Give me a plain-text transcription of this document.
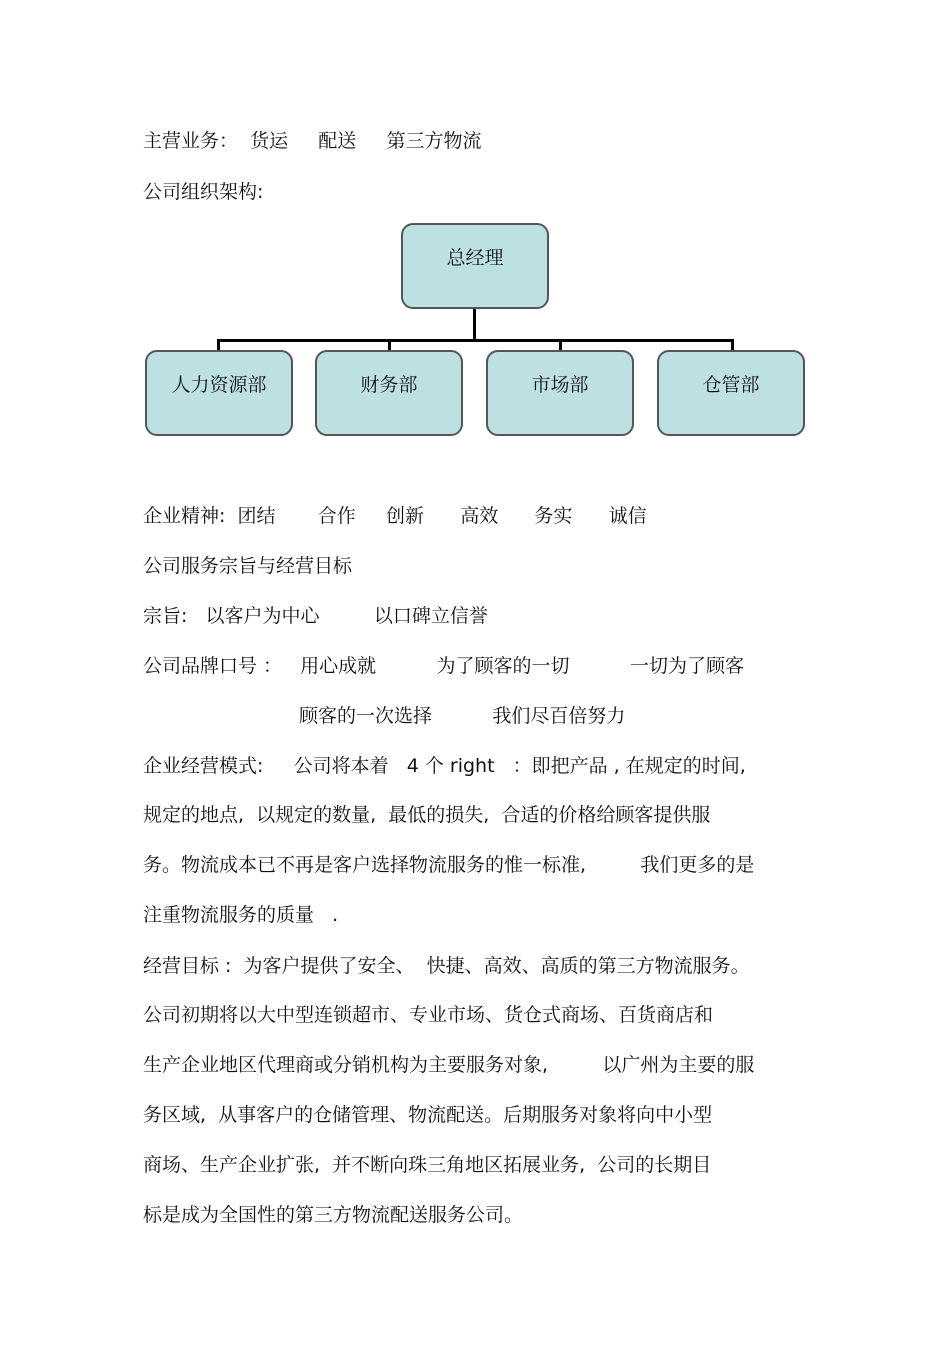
主营业务：  货运     配送     第三方物流
公司组织架构:
总经理
人力资源部	财务部	市场部	仓管部
企业精神:  团结       合作     创新      高效      务实      诚信
公司服务宗旨与经营目标
宗旨:   以客户为中心         以口碑立信誉
公司品牌口号 ：   用心成就          为了顾客的一切          一切为了顾客
顾客的一次选择          我们尽百倍努力
企业经营模式:     公司将本着   4 个 right   ：即把产品 , 在规定的时间,
规定的地点,  以规定的数量,  最低的损失,  合适的价格给顾客提供服
务。物流成本已不再是客户选择物流服务的惟一标准,         我们更多的是
注重物流服务的质量   .
经营目标 :  为客户提供了安全、  快捷、高效、高质的第三方物流服务。
公司初期将以大中型连锁超市、专业市场、货仓式商场、百货商店和
生产企业地区代理商或分销机构为主要服务对象,         以广州为主要的服
务区域,  从事客户的仓储管理、物流配送。后期服务对象将向中小型
商场、生产企业扩张,  并不断向珠三角地区拓展业务,  公司的长期目
标是成为全国性的第三方物流配送服务公司。
